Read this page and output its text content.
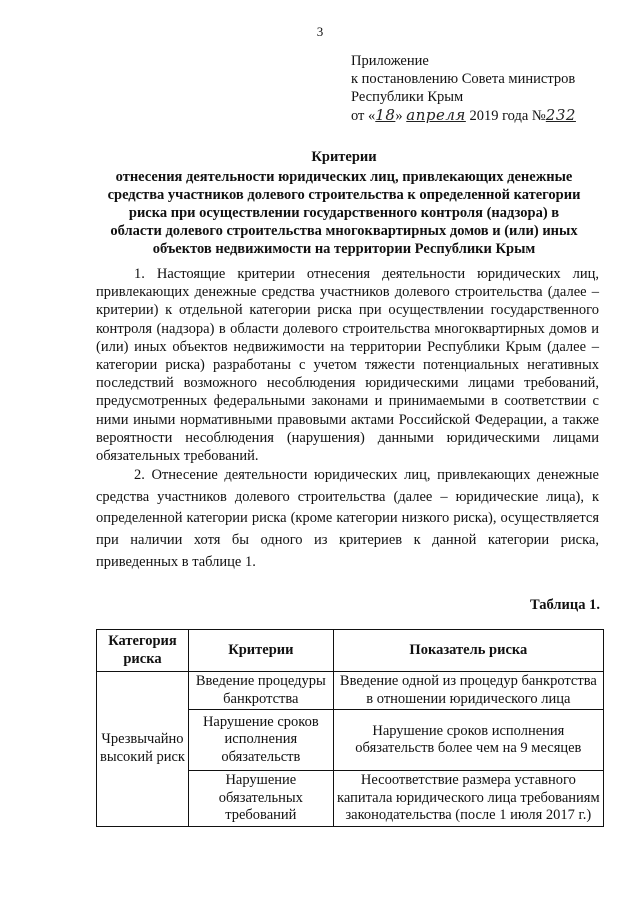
3
Приложение
к постановлению Совета министров
Республики Крым
от «18» апреля 2019 года №232
Критерии
отнесения деятельности юридических лиц, привлекающих денежные
средства участников долевого строительства к определенной категории
риска при осуществлении государственного контроля (надзора) в
области долевого строительства многоквартирных домов и (или) иных
объектов недвижимости на территории Республики Крым

1. Настоящие критерии отнесения деятельности юридических лиц, привлекающих денежные средства участников долевого строительства (далее – критерии) к отдельной категории риска при осуществлении государственного контроля (надзора) в области долевого строительства многоквартирных домов и (или) иных объектов недвижимости на территории Республики Крым (далее – категории риска) разработаны с учетом тяжести потенциальных негативных последствий возможного несоблюдения юридическими лицами требований, предусмотренных федеральными законами и принимаемыми в соответствии с ними иными нормативными правовыми актами Российской Федерации, а также вероятности несоблюдения (нарушения) данными юридическими лицами обязательных требований.

2. Отнесение деятельности юридических лиц, привлекающих денежные средства участников долевого строительства (далее – юридические лица), к определенной категории риска (кроме категории низкого риска), осуществляется при наличии хотя бы одного из критериев к данной категории риска, приведенных в таблице 1.

Таблица 1.
Категория риска	Критерии	Показатель риска
Чрезвычайно высокий риск	Введение процедуры банкротства	Введение одной из процедур банкротства в отношении юридического лица
	Нарушение сроков исполнения обязательств	Нарушение сроков исполнения обязательств более чем на 9 месяцев
	Нарушение обязательных требований	Несоответствие размера уставного капитала юридического лица требованиям законодательства (после 1 июля 2017 г.)
